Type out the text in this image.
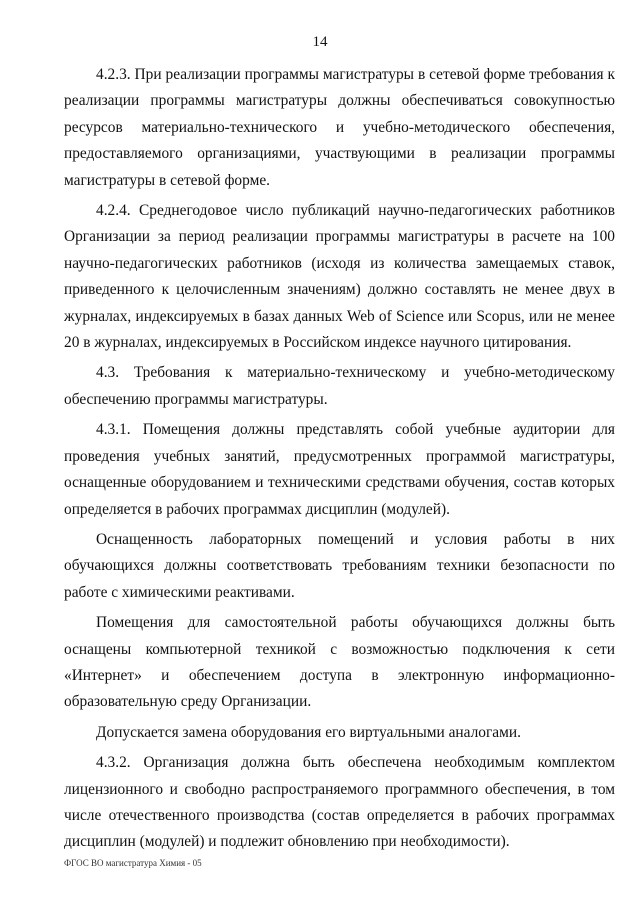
14

4.2.3. При реализации программы магистратуры в сетевой форме требования к реализации программы магистратуры должны обеспечиваться совокупностью ресурсов материально-технического и учебно-методического обеспечения, предоставляемого организациями, участвующими в реализации программы магистратуры в сетевой форме.

4.2.4. Среднегодовое число публикаций научно-педагогических работников Организации за период реализации программы магистратуры в расчете на 100 научно-педагогических работников (исходя из количества замещаемых ставок, приведенного к целочисленным значениям) должно составлять не менее двух в журналах, индексируемых в базах данных Web of Science или Scopus, или не менее 20 в журналах, индексируемых в Российском индексе научного цитирования.

4.3. Требования к материально-техническому и учебно-методическому обеспечению программы магистратуры.

4.3.1. Помещения должны представлять собой учебные аудитории для проведения учебных занятий, предусмотренных программой магистратуры, оснащенные оборудованием и техническими средствами обучения, состав которых определяется в рабочих программах дисциплин (модулей).

Оснащенность лабораторных помещений и условия работы в них обучающихся должны соответствовать требованиям техники безопасности по работе с химическими реактивами.

Помещения для самостоятельной работы обучающихся должны быть оснащены компьютерной техникой с возможностью подключения к сети «Интернет» и обеспечением доступа в электронную информационно-образовательную среду Организации.

Допускается замена оборудования его виртуальными аналогами.

4.3.2. Организация должна быть обеспечена необходимым комплектом лицензионного и свободно распространяемого программного обеспечения, в том числе отечественного производства (состав определяется в рабочих программах дисциплин (модулей) и подлежит обновлению при необходимости).

ФГОС ВО магистратура Химия - 05
